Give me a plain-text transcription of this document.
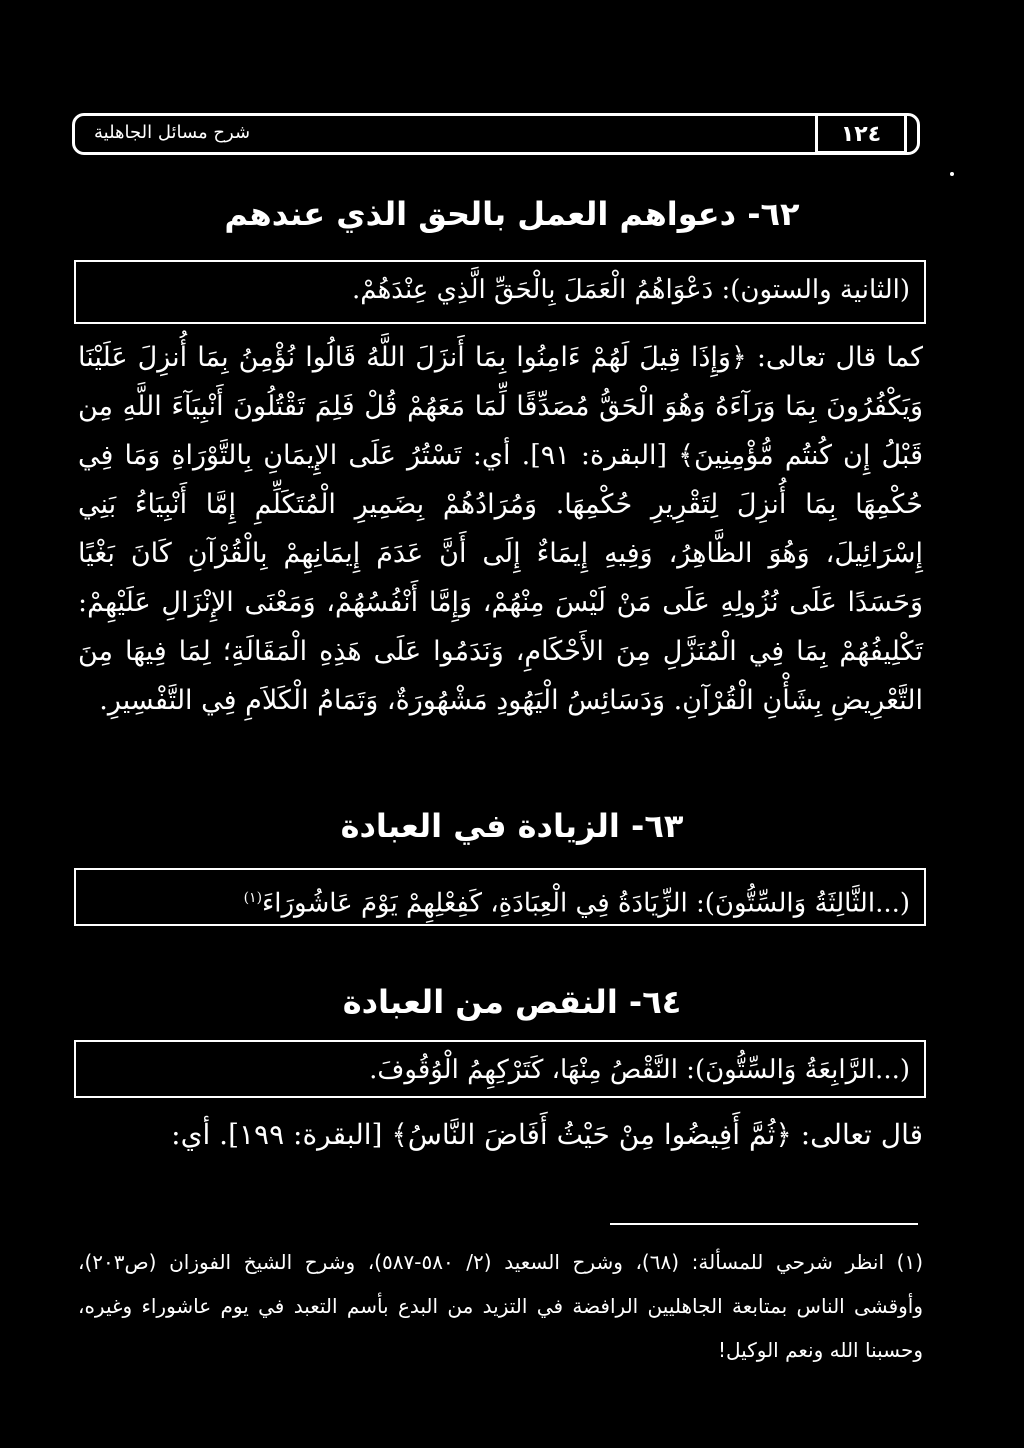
شرح مسائل الجاهلية	١٢٤
٦٢- دعواهم العمل بالحق الذي عندهم
(الثانية والستون): دَعْوَاهُمُ الْعَمَلَ بِالْحَقِّ الَّذِي عِنْدَهُمْ.
كما قال تعالى: ﴿وَإِذَا قِيلَ لَهُمْ ءَامِنُوا بِمَا أَنزَلَ اللَّهُ قَالُوا نُؤْمِنُ بِمَا أُنزِلَ عَلَيْنَا وَيَكْفُرُونَ بِمَا وَرَآءَهُ وَهُوَ الْحَقُّ مُصَدِّقًا لِّمَا مَعَهُمْ قُلْ فَلِمَ تَقْتُلُونَ أَنْبِيَآءَ اللَّهِ مِن قَبْلُ إِن كُنتُم مُّؤْمِنِينَ﴾ [البقرة: ٩١]. أي: تَسْتُرُ عَلَى الإِيمَانِ بِالتَّوْرَاةِ وَمَا فِي حُكْمِهَا بِمَا أُنزِلَ لِتَقْرِيرِ حُكْمِهَا. وَمُرَادُهُمْ بِضَمِيرِ الْمُتَكَلِّمِ إِمَّا أَنْبِيَاءُ بَنِي إِسْرَائِيلَ، وَهُوَ الظَّاهِرُ، وَفِيهِ إِيمَاءٌ إِلَى أَنَّ عَدَمَ إِيمَانِهِمْ بِالْقُرْآنِ كَانَ بَغْيًا وَحَسَدًا عَلَى نُزُولِهِ عَلَى مَنْ لَيْسَ مِنْهُمْ، وَإِمَّا أَنْفُسُهُمْ، وَمَعْنَى الإِنْزَالِ عَلَيْهِمْ: تَكْلِيفُهُمْ بِمَا فِي الْمُنَزَّلِ مِنَ الأَحْكَامِ، وَنَدَمُوا عَلَى هَذِهِ الْمَقَالَةِ؛ لِمَا فِيهَا مِنَ التَّعْرِيضِ بِشَأْنِ الْقُرْآنِ. وَدَسَائِسُ الْيَهُودِ مَشْهُورَةٌ، وَتَمَامُ الْكَلاَمِ فِي التَّفْسِيرِ.
٦٣- الزيادة في العبادة
(...الثَّالِثَةُ وَالسِّتُّونَ): الزِّيَادَةُ فِي الْعِبَادَةِ، كَفِعْلِهِمْ يَوْمَ عَاشُورَاءَ$^{(١)}$
٦٤- النقص من العبادة
(...الرَّابِعَةُ وَالسِّتُّونَ): النَّقْصُ مِنْهَا، كَتَرْكِهِمُ الْوُقُوفَ.
قال تعالى: ﴿ثُمَّ أَفِيضُوا مِنْ حَيْثُ أَفَاضَ النَّاسُ﴾ [البقرة: ١٩٩]. أي:
(١) انظر شرحي للمسألة: (٦٨)، وشرح السعيد (٢/ ٥٨٠-٥٨٧)، وشرح الشيخ الفوزان (ص٢٠٣)، وأوقشى الناس بمتابعة الجاهليين الرافضة في التزيد من البدع بأسم التعبد في يوم عاشوراء وغيره، وحسبنا الله ونعم الوكيل!
